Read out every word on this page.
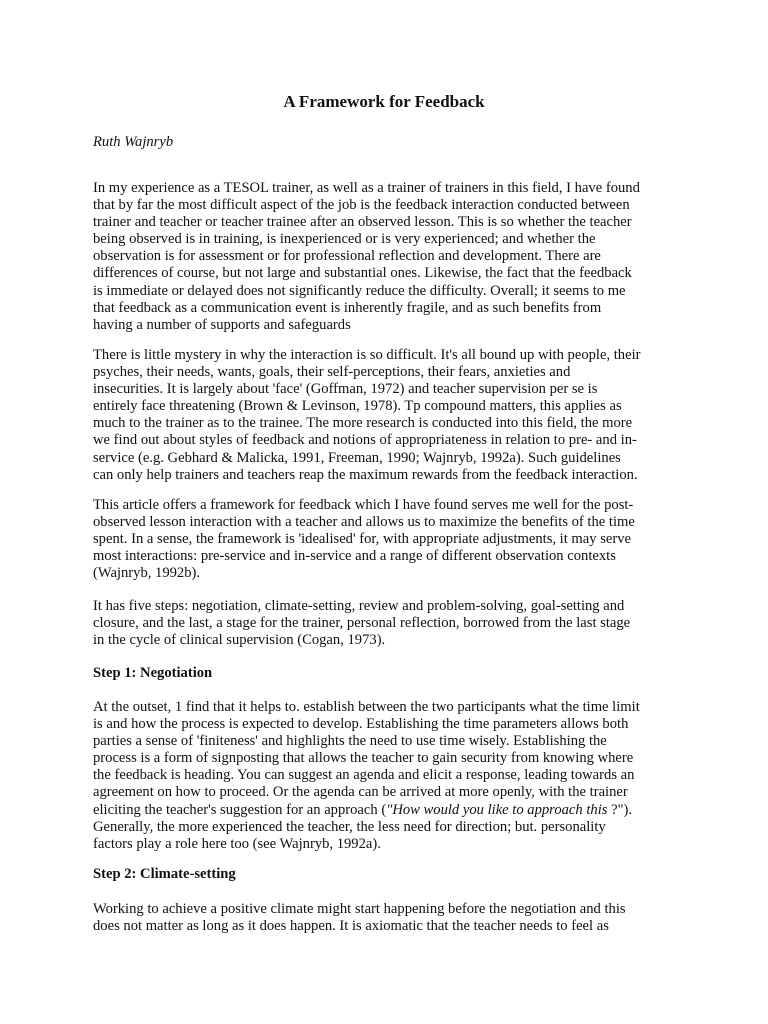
A Framework for Feedback

Ruth Wajnryb

In my experience as a TESOL trainer, as well as a trainer of trainers in this field, I have found
that by far the most difficult aspect of the job is the feedback interaction conducted between
trainer and teacher or teacher trainee after an observed lesson. This is so whether the teacher
being observed is in training, is inexperienced or is very experienced; and whether the
observation is for assessment or for professional reflection and development. There are
differences of course, but not large and substantial ones. Likewise, the fact that the feedback
is immediate or delayed does not significantly reduce the difficulty. Overall; it seems to me
that feedback as a communication event is inherently fragile, and as such benefits from
having a number of supports and safeguards

There is little mystery in why the interaction is so difficult. It's all bound up with people, their
psyches, their needs, wants, goals, their self-perceptions, their fears, anxieties and
insecurities. It is largely about 'face' (Goffman, 1972) and teacher supervision per se is
entirely face threatening (Brown & Levinson, 1978). Tp compound matters, this applies as
much to the trainer as to the trainee. The more research is conducted into this field, the more
we find out about styles of feedback and notions of appropriateness in relation to pre- and in-
service (e.g. Gebhard & Malicka, 1991, Freeman, 1990; Wajnryb, 1992a). Such guidelines
can only help trainers and teachers reap the maximum rewards from the feedback interaction.

This article offers a framework for feedback which I have found serves me well for the post-
observed lesson interaction with a teacher and allows us to maximize the benefits of the time
spent. In a sense, the framework is 'idealised' for, with appropriate adjustments, it may serve
most interactions: pre-service and in-service and a range of different observation contexts
(Wajnryb, 1992b).

It has five steps: negotiation, climate-setting, review and problem-solving, goal-setting and
closure, and the last, a stage for the trainer, personal reflection, borrowed from the last stage
in the cycle of clinical supervision (Cogan, 1973).

Step 1: Negotiation

At the outset, 1 find that it helps to. establish between the two participants what the time limit
is and how the process is expected to develop. Establishing the time parameters allows both
parties a sense of 'finiteness' and highlights the need to use time wisely. Establishing the
process is a form of signposting that allows the teacher to gain security from knowing where
the feedback is heading. You can suggest an agenda and elicit a response, leading towards an
agreement on how to proceed. Or the agenda can be arrived at more openly, with the trainer
eliciting the teacher's suggestion for an approach ("How would you like to approach this ?").
Generally, the more experienced the teacher, the less need for direction; but. personality
factors play a role here too (see Wajnryb, 1992a).

Step 2: Climate-setting

Working to achieve a positive climate might start happening before the negotiation and this
does not matter as long as it does happen. It is axiomatic that the teacher needs to feel as
